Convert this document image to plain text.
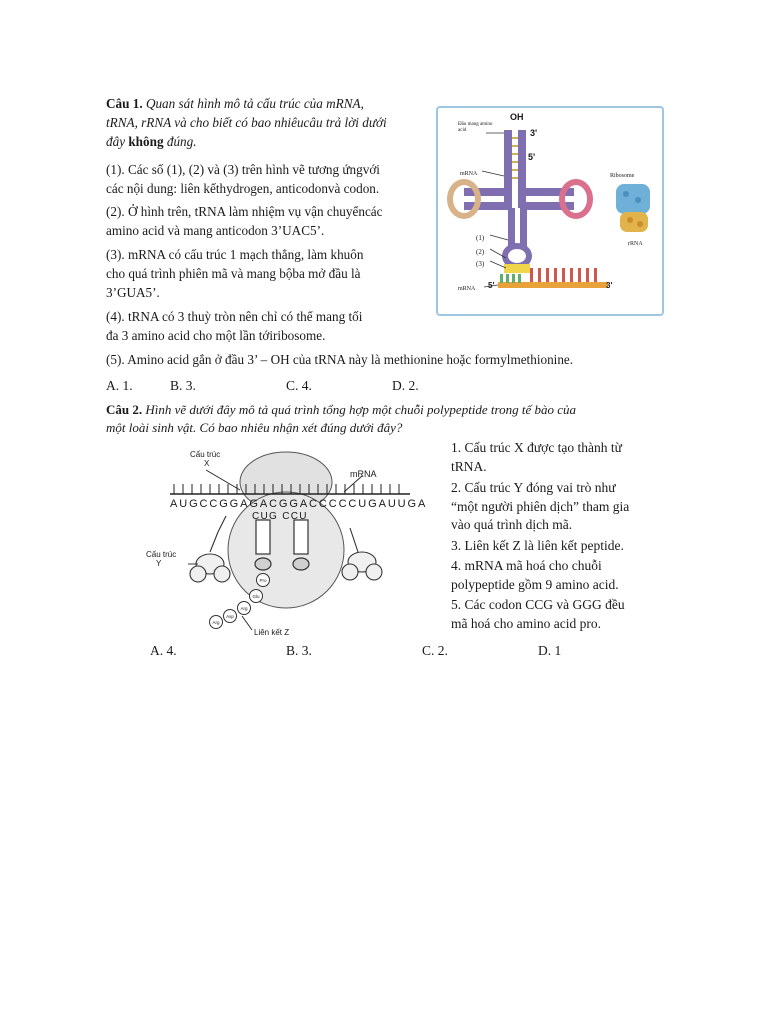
Câu 1. Quan sát hình mô tả cấu trúc của mRNA,
tRNA, rRNA và cho biết có bao nhiêucâu trả lời dưới
đây không đúng.
(1). Các số (1), (2) và (3) trên hình vẽ tương ứngvới
các nội dung: liên kếthydrogen, anticodonvà codon.
(2). Ở hình trên, tRNA làm nhiệm vụ vận chuyểncác
amino acid và mang anticodon 3’UAC5’.
(3). mRNA có cấu trúc 1 mạch thẳng, làm khuôn
cho quá trình phiên mã và mang bộba mở đầu là
3’GUA5’.
(4). tRNA có 3 thuỳ tròn nên chỉ có thể mang tối
đa 3 amino acid cho một lần tớiribosome.
(5). Amino acid gắn ở đầu 3’ – OH của tRNA này là methionine hoặc formylmethionine.
A. 1.	B. 3.	C. 4.	D. 2.
OH
3'
5'
Đầu mang amino acid
mRNA	Ribosome
rRNA
(1)
(2)
(3)
mRNA 5'	3'
Câu 2. Hình vẽ dưới đây mô tả quá trình tổng hợp một chuỗi polypeptide trong tế bào của
một loài sinh vật. Có bao nhiêu nhận xét đúng dưới đây?
Pro
Glu
Arg
Asp
Arg
Cấu trúc
X
mRNA
AUGCCGGAGACGGACCCCCUGAUUGA
CUG CCU
Cấu trúc
Y
Liên kết Z
1. Cấu trúc X được tạo thành từ
tRNA.
2. Cấu trúc Y đóng vai trò như
“một người phiên dịch” tham gia
vào quá trình dịch mã.
3. Liên kết Z là liên kết peptide.
4. mRNA mã hoá cho chuỗi
polypeptide gồm 9 amino acid.
5. Các codon CCG và GGG đều
mã hoá cho amino acid pro.
A. 4.	B. 3.	C. 2.	D. 1
